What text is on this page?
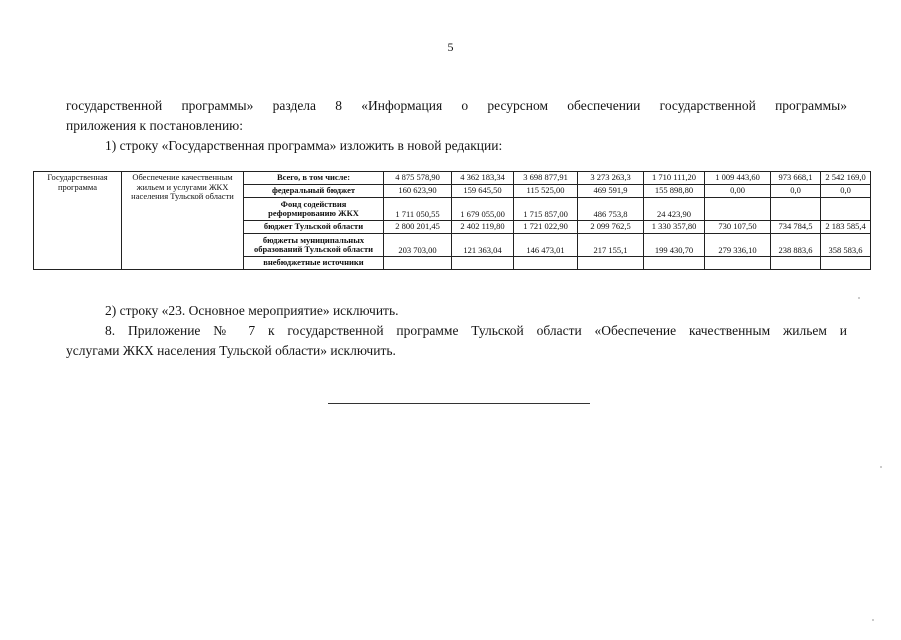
5
государственной программы» раздела 8 «Информация о ресурсном обеспечении государственной программы»
приложения к постановлению:
1) строку «Государственная программа» изложить в новой редакции:
Государственная программа	Обеспечение качественным жильем и услугами ЖКХ населения Тульской области	Всего, в том числе:	4 875 578,90	4 362 183,34	3 698 877,91	3 273 263,3	1 710 111,20	1 009 443,60	973 668,1	2 542 169,0
		федеральный бюджет	160 623,90	159 645,50	115 525,00	469 591,9	155 898,80	0,00	0,0	0,0
		Фонд содействия реформированию ЖКХ	1 711 050,55	1 679 055,00	1 715 857,00	486 753,8	24 423,90			
		бюджет Тульской области	2 800 201,45	2 402 119,80	1 721 022,90	2 099 762,5	1 330 357,80	730 107,50	734 784,5	2 183 585,4
		бюджеты муниципальных образований Тульской области	203 703,00	121 363,04	146 473,01	217 155,1	199 430,70	279 336,10	238 883,6	358 583,6
		внебюджетные источники								
2) строку «23. Основное мероприятие» исключить.
8. Приложение № 7 к государственной программе Тульской области «Обеспечение качественным жильем и
услугами ЖКХ населения Тульской области» исключить.
